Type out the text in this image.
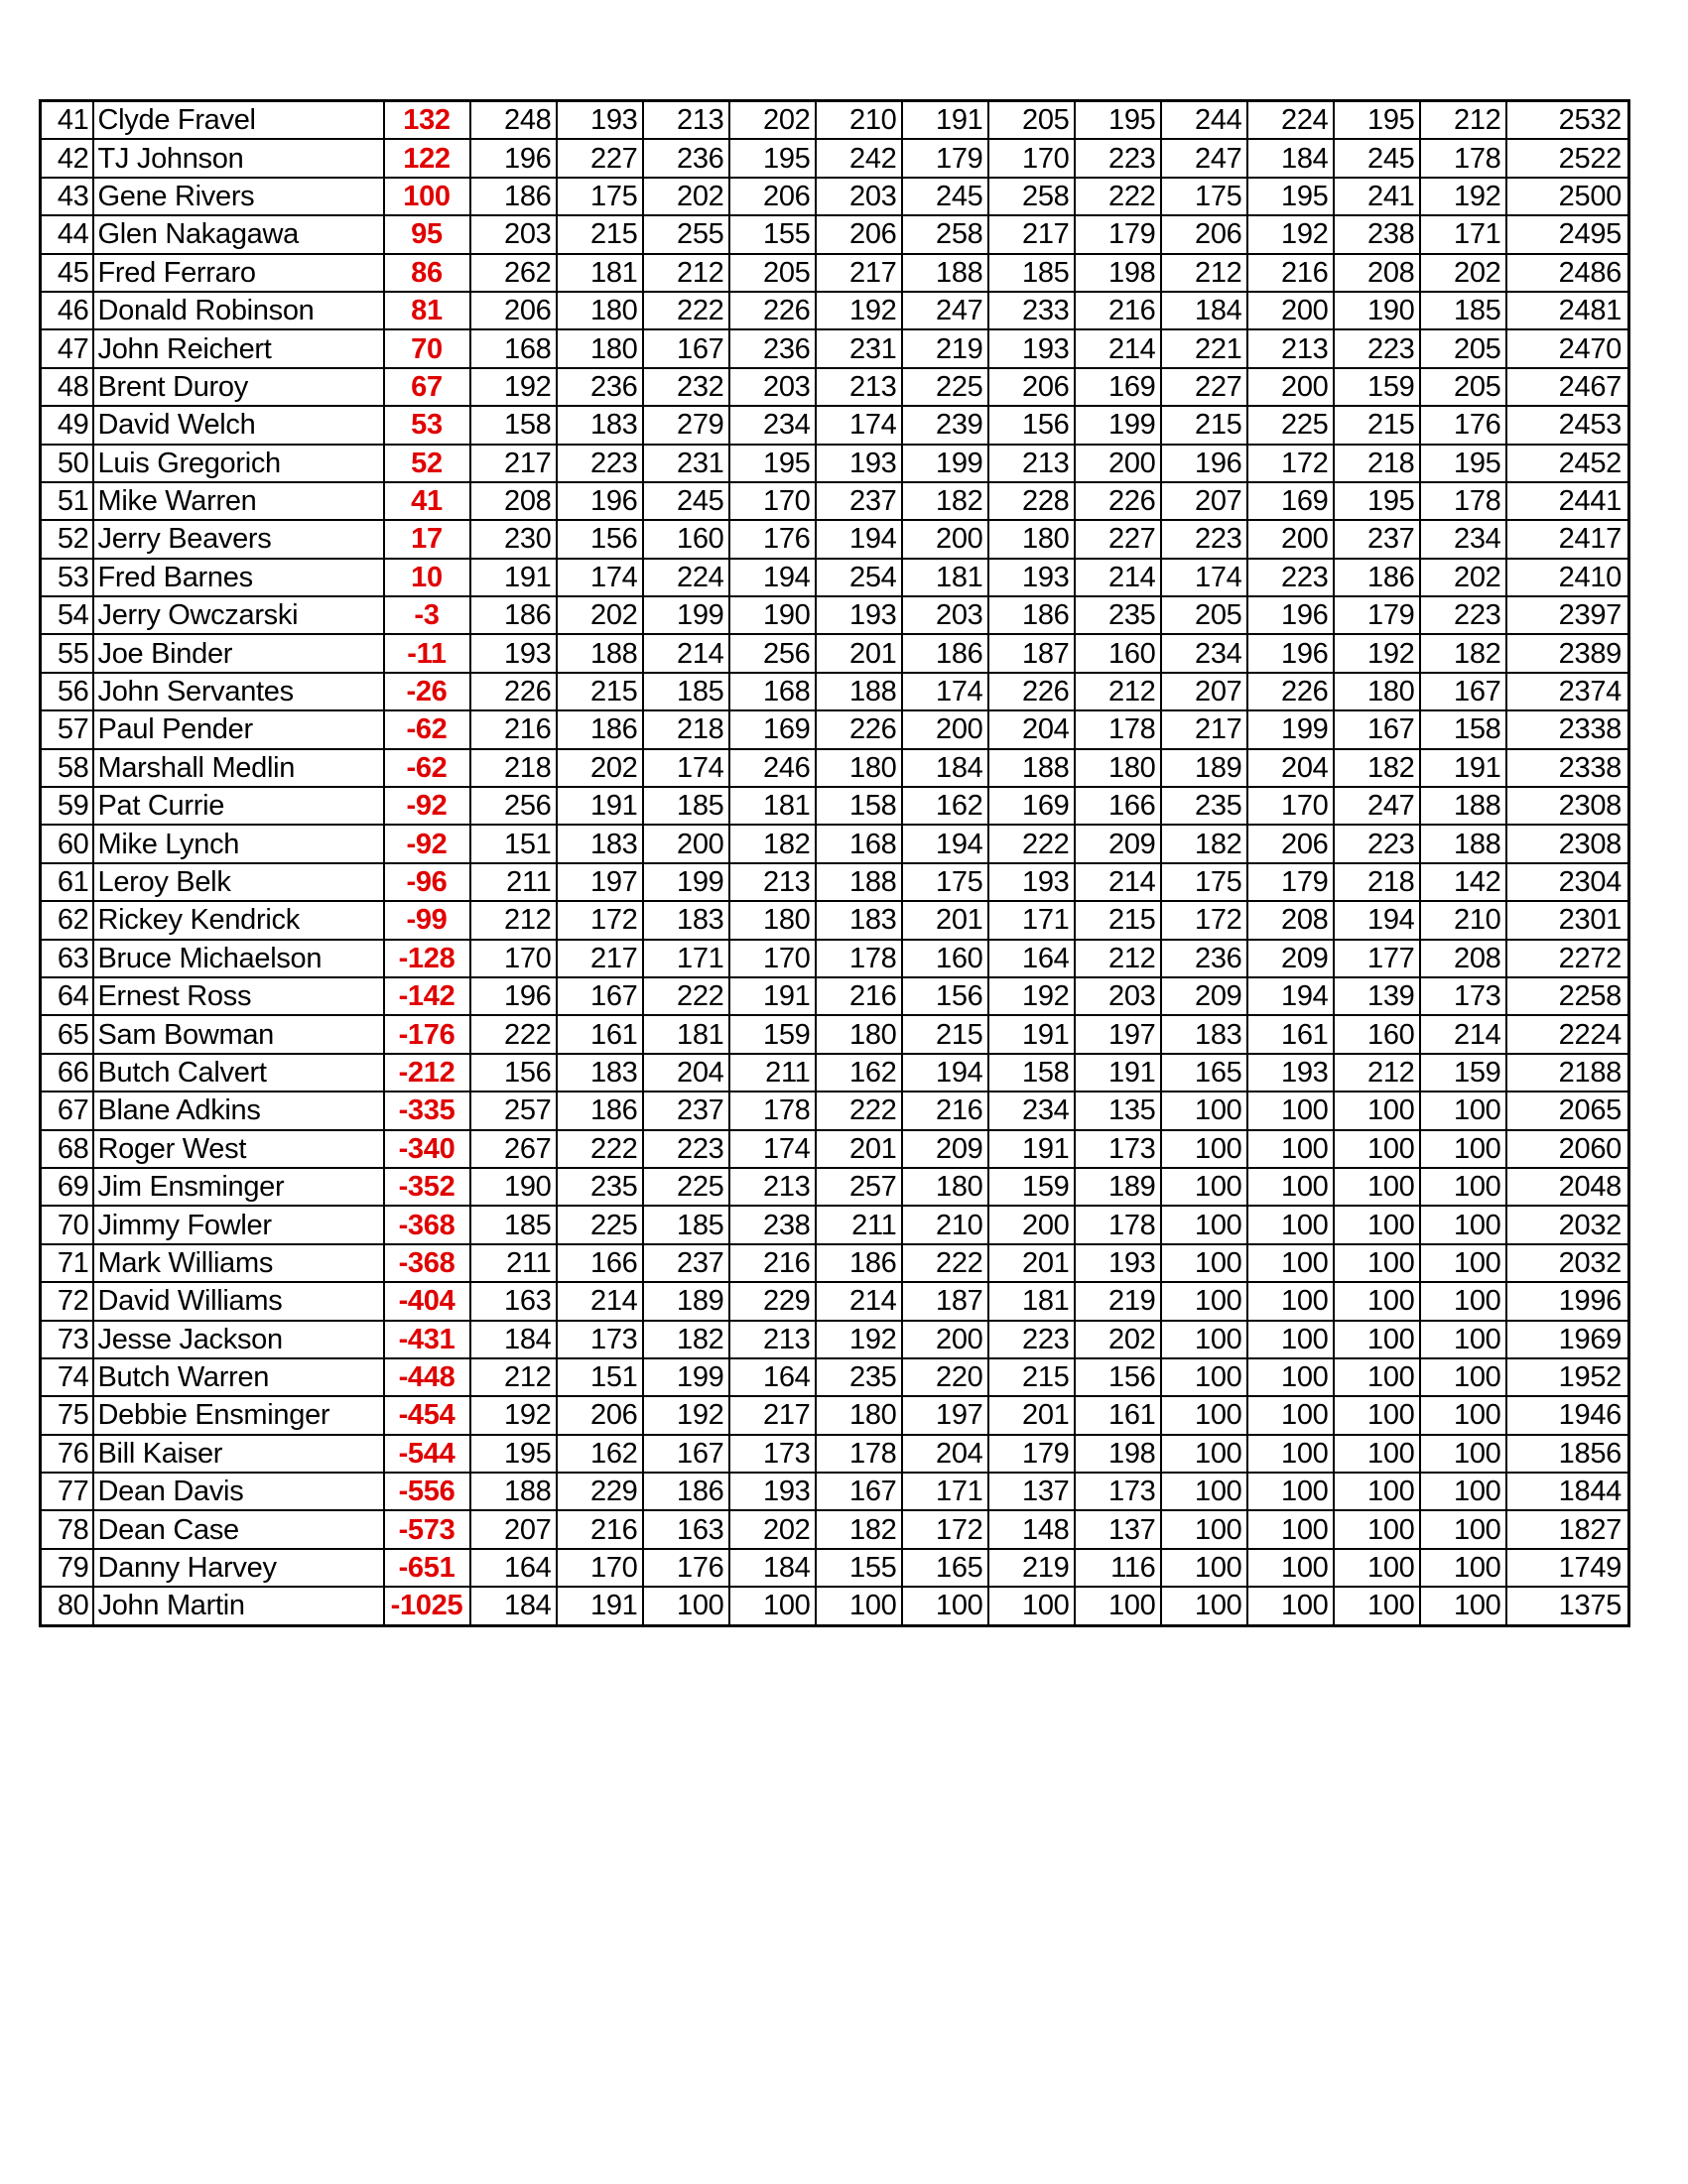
41	Clyde Fravel	132	248	193	213	202	210	191	205	195	244	224	195	212	2532
42	TJ Johnson	122	196	227	236	195	242	179	170	223	247	184	245	178	2522
43	Gene Rivers	100	186	175	202	206	203	245	258	222	175	195	241	192	2500
44	Glen Nakagawa	95	203	215	255	155	206	258	217	179	206	192	238	171	2495
45	Fred Ferraro	86	262	181	212	205	217	188	185	198	212	216	208	202	2486
46	Donald Robinson	81	206	180	222	226	192	247	233	216	184	200	190	185	2481
47	John Reichert	70	168	180	167	236	231	219	193	214	221	213	223	205	2470
48	Brent Duroy	67	192	236	232	203	213	225	206	169	227	200	159	205	2467
49	David Welch	53	158	183	279	234	174	239	156	199	215	225	215	176	2453
50	Luis Gregorich	52	217	223	231	195	193	199	213	200	196	172	218	195	2452
51	Mike Warren	41	208	196	245	170	237	182	228	226	207	169	195	178	2441
52	Jerry Beavers	17	230	156	160	176	194	200	180	227	223	200	237	234	2417
53	Fred Barnes	10	191	174	224	194	254	181	193	214	174	223	186	202	2410
54	Jerry Owczarski	-3	186	202	199	190	193	203	186	235	205	196	179	223	2397
55	Joe Binder	-11	193	188	214	256	201	186	187	160	234	196	192	182	2389
56	John Servantes	-26	226	215	185	168	188	174	226	212	207	226	180	167	2374
57	Paul Pender	-62	216	186	218	169	226	200	204	178	217	199	167	158	2338
58	Marshall Medlin	-62	218	202	174	246	180	184	188	180	189	204	182	191	2338
59	Pat Currie	-92	256	191	185	181	158	162	169	166	235	170	247	188	2308
60	Mike Lynch	-92	151	183	200	182	168	194	222	209	182	206	223	188	2308
61	Leroy Belk	-96	211	197	199	213	188	175	193	214	175	179	218	142	2304
62	Rickey Kendrick	-99	212	172	183	180	183	201	171	215	172	208	194	210	2301
63	Bruce Michaelson	-128	170	217	171	170	178	160	164	212	236	209	177	208	2272
64	Ernest Ross	-142	196	167	222	191	216	156	192	203	209	194	139	173	2258
65	Sam Bowman	-176	222	161	181	159	180	215	191	197	183	161	160	214	2224
66	Butch Calvert	-212	156	183	204	211	162	194	158	191	165	193	212	159	2188
67	Blane Adkins	-335	257	186	237	178	222	216	234	135	100	100	100	100	2065
68	Roger West	-340	267	222	223	174	201	209	191	173	100	100	100	100	2060
69	Jim Ensminger	-352	190	235	225	213	257	180	159	189	100	100	100	100	2048
70	Jimmy Fowler	-368	185	225	185	238	211	210	200	178	100	100	100	100	2032
71	Mark Williams	-368	211	166	237	216	186	222	201	193	100	100	100	100	2032
72	David Williams	-404	163	214	189	229	214	187	181	219	100	100	100	100	1996
73	Jesse Jackson	-431	184	173	182	213	192	200	223	202	100	100	100	100	1969
74	Butch Warren	-448	212	151	199	164	235	220	215	156	100	100	100	100	1952
75	Debbie Ensminger	-454	192	206	192	217	180	197	201	161	100	100	100	100	1946
76	Bill Kaiser	-544	195	162	167	173	178	204	179	198	100	100	100	100	1856
77	Dean Davis	-556	188	229	186	193	167	171	137	173	100	100	100	100	1844
78	Dean Case	-573	207	216	163	202	182	172	148	137	100	100	100	100	1827
79	Danny Harvey	-651	164	170	176	184	155	165	219	116	100	100	100	100	1749
80	John Martin	-1025	184	191	100	100	100	100	100	100	100	100	100	100	1375
